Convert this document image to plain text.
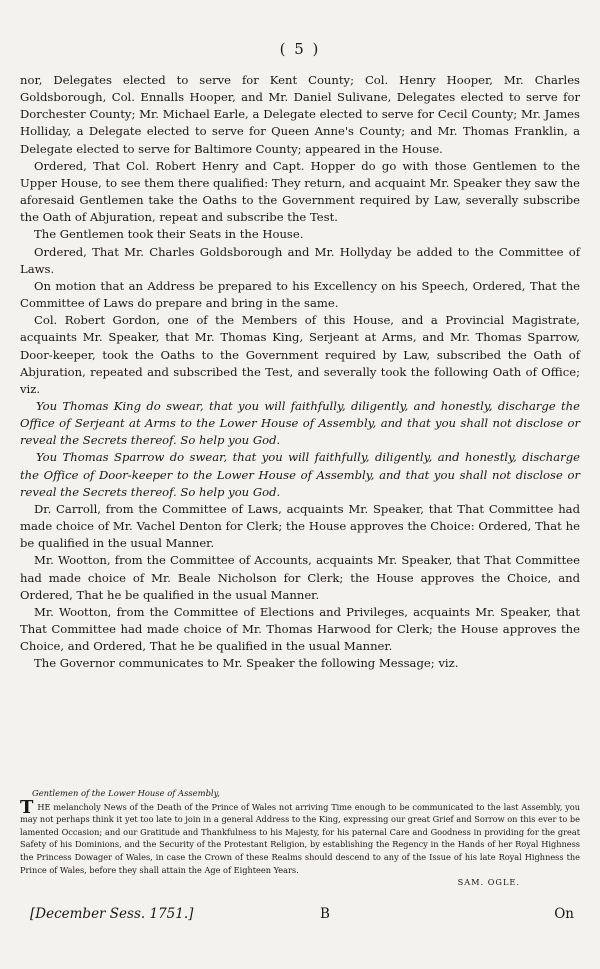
( 5 )

nor, Delegates elected to serve for Kent County; Col. Henry Hooper, Mr. Charles Goldsborough, Col. Ennalls Hooper, and Mr. Daniel Sulivane, Delegates elected to serve for Dorchester County; Mr. Michael Earle, a Delegate elected to serve for Cecil County; Mr. James Holliday, a Delegate elected to serve for Queen Anne's County; and Mr. Thomas Franklin, a Delegate elected to serve for Baltimore County; appeared in the House.

Ordered, That Col. Robert Henry and Capt. Hopper do go with those Gentlemen to the Upper House, to see them there qualified: They return, and acquaint Mr. Speaker they saw the aforesaid Gentlemen take the Oaths to the Government required by Law, severally subscribe the Oath of Abjuration, repeat and subscribe the Test.

The Gentlemen took their Seats in the House.

Ordered, That Mr. Charles Goldsborough and Mr. Hollyday be added to the Committee of Laws.

On motion that an Address be prepared to his Excellency on his Speech, Ordered, That the Committee of Laws do prepare and bring in the same.

Col. Robert Gordon, one of the Members of this House, and a Provincial Magistrate, acquaints Mr. Speaker, that Mr. Thomas King, Serjeant at Arms, and Mr. Thomas Sparrow, Door-keeper, took the Oaths to the Government required by Law, subscribed the Oath of Abjuration, repeated and subscribed the Test, and severally took the following Oath of Office; viz.

You Thomas King do swear, that you will faithfully, diligently, and honestly, discharge the Office of Serjeant at Arms to the Lower House of Assembly, and that you shall not disclose or reveal the Secrets thereof. So help you God.

You Thomas Sparrow do swear, that you will faithfully, diligently, and honestly, discharge the Office of Door-keeper to the Lower House of Assembly, and that you shall not disclose or reveal the Secrets thereof. So help you God.

Dr. Carroll, from the Committee of Laws, acquaints Mr. Speaker, that That Committee had made choice of Mr. Vachel Denton for Clerk; the House approves the Choice: Ordered, That he be qualified in the usual Manner.

Mr. Wootton, from the Committee of Accounts, acquaints Mr. Speaker, that That Committee had made choice of Mr. Beale Nicholson for Clerk; the House approves the Choice, and Ordered, That he be qualified in the usual Manner.

Mr. Wootton, from the Committee of Elections and Privileges, acquaints Mr. Speaker, that That Committee had made choice of Mr. Thomas Harwood for Clerk; the House approves the Choice, and Ordered, That he be qualified in the usual Manner.

The Governor communicates to Mr. Speaker the following Message; viz.

Gentlemen of the Lower House of Assembly,
THE melancholy News of the Death of the Prince of Wales not arriving Time enough to be communicated to the last Assembly, you may not perhaps think it yet too late to join in a general Address to the King, expressing our great Grief and Sorrow on this ever to be lamented Occasion; and our Gratitude and Thankfulness to his Majesty, for his paternal Care and Goodness in providing for the great Safety of his Dominions, and the Security of the Protestant Religion, by establishing the Regency in the Hands of her Royal Highness the Princess Dowager of Wales, in case the Crown of these Realms should descend to any of the Issue of his late Royal Highness the Prince of Wales, before they shall attain the Age of Eighteen Years.
SAM. OGLE.
[December Sess. 1751.]	B	On
